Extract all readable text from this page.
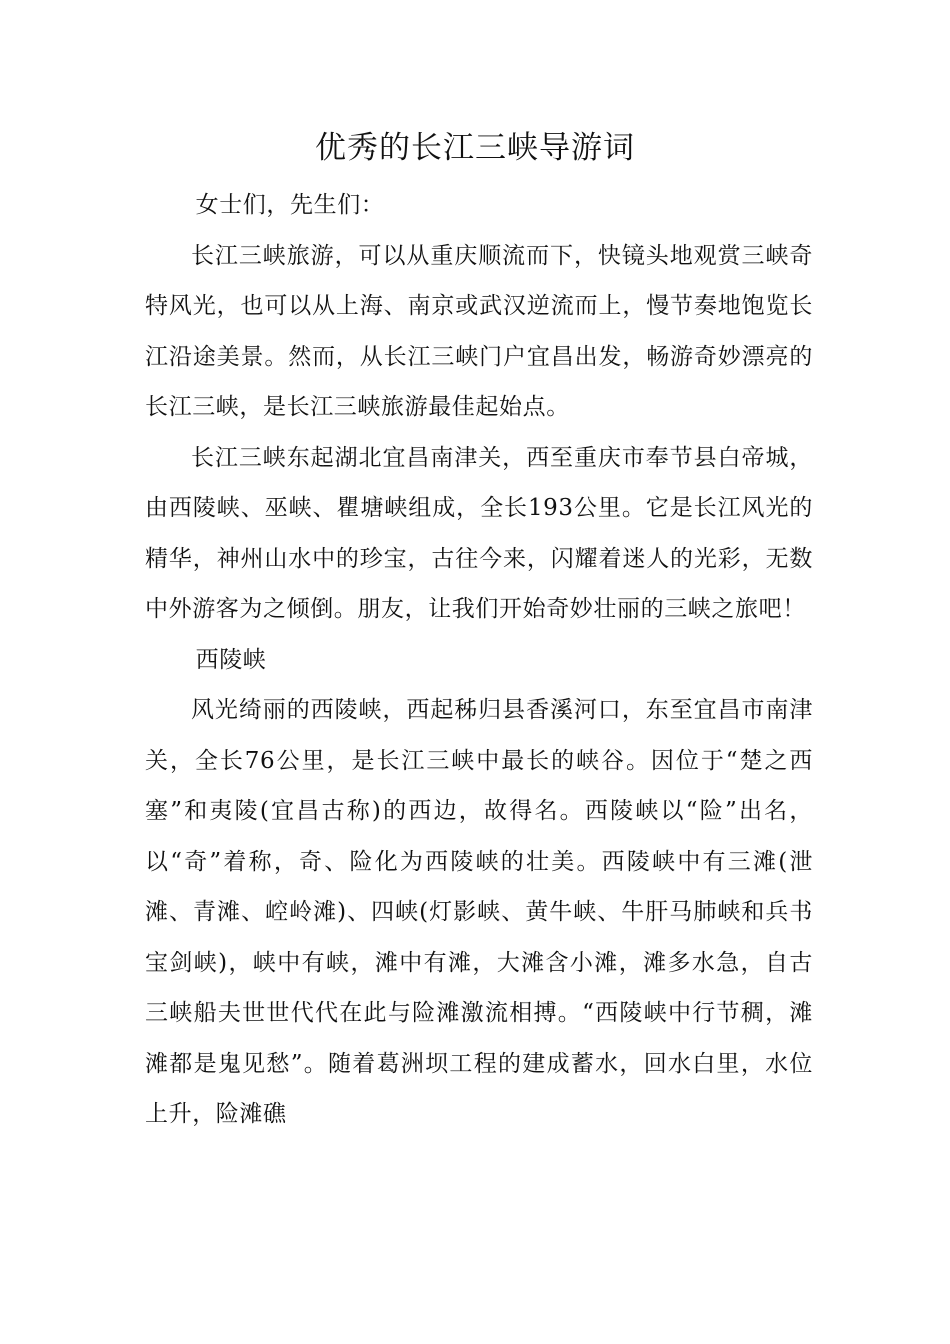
优秀的长江三峡导游词

女士们，先生们：

长江三峡旅游，可以从重庆顺流而下，快镜头地观赏三峡奇特风光，也可以从上海、南京或武汉逆流而上，慢节奏地饱览长江沿途美景。然而，从长江三峡门户宜昌出发，畅游奇妙漂亮的长江三峡，是长江三峡旅游最佳起始点。

长江三峡东起湖北宜昌南津关，西至重庆市奉节县白帝城，由西陵峡、巫峡、瞿塘峡组成，全长193公里。它是长江风光的精华，神州山水中的珍宝，古往今来，闪耀着迷人的光彩，无数中外游客为之倾倒。朋友，让我们开始奇妙壮丽的三峡之旅吧！

西陵峡

风光绮丽的西陵峡，西起秭归县香溪河口，东至宜昌市南津关，全长76公里，是长江三峡中最长的峡谷。因位于“楚之西塞”和夷陵(宜昌古称)的西边，故得名。西陵峡以“险”出名，以“奇”着称，奇、险化为西陵峡的壮美。西陵峡中有三滩(泄滩、青滩、崆岭滩)、四峡(灯影峡、黄牛峡、牛肝马肺峡和兵书宝剑峡)，峡中有峡，滩中有滩，大滩含小滩，滩多水急，自古三峡船夫世世代代在此与险滩激流相搏。“西陵峡中行节稠，滩滩都是鬼见愁”。随着葛洲坝工程的建成蓄水，回水白里，水位上升，险滩礁
